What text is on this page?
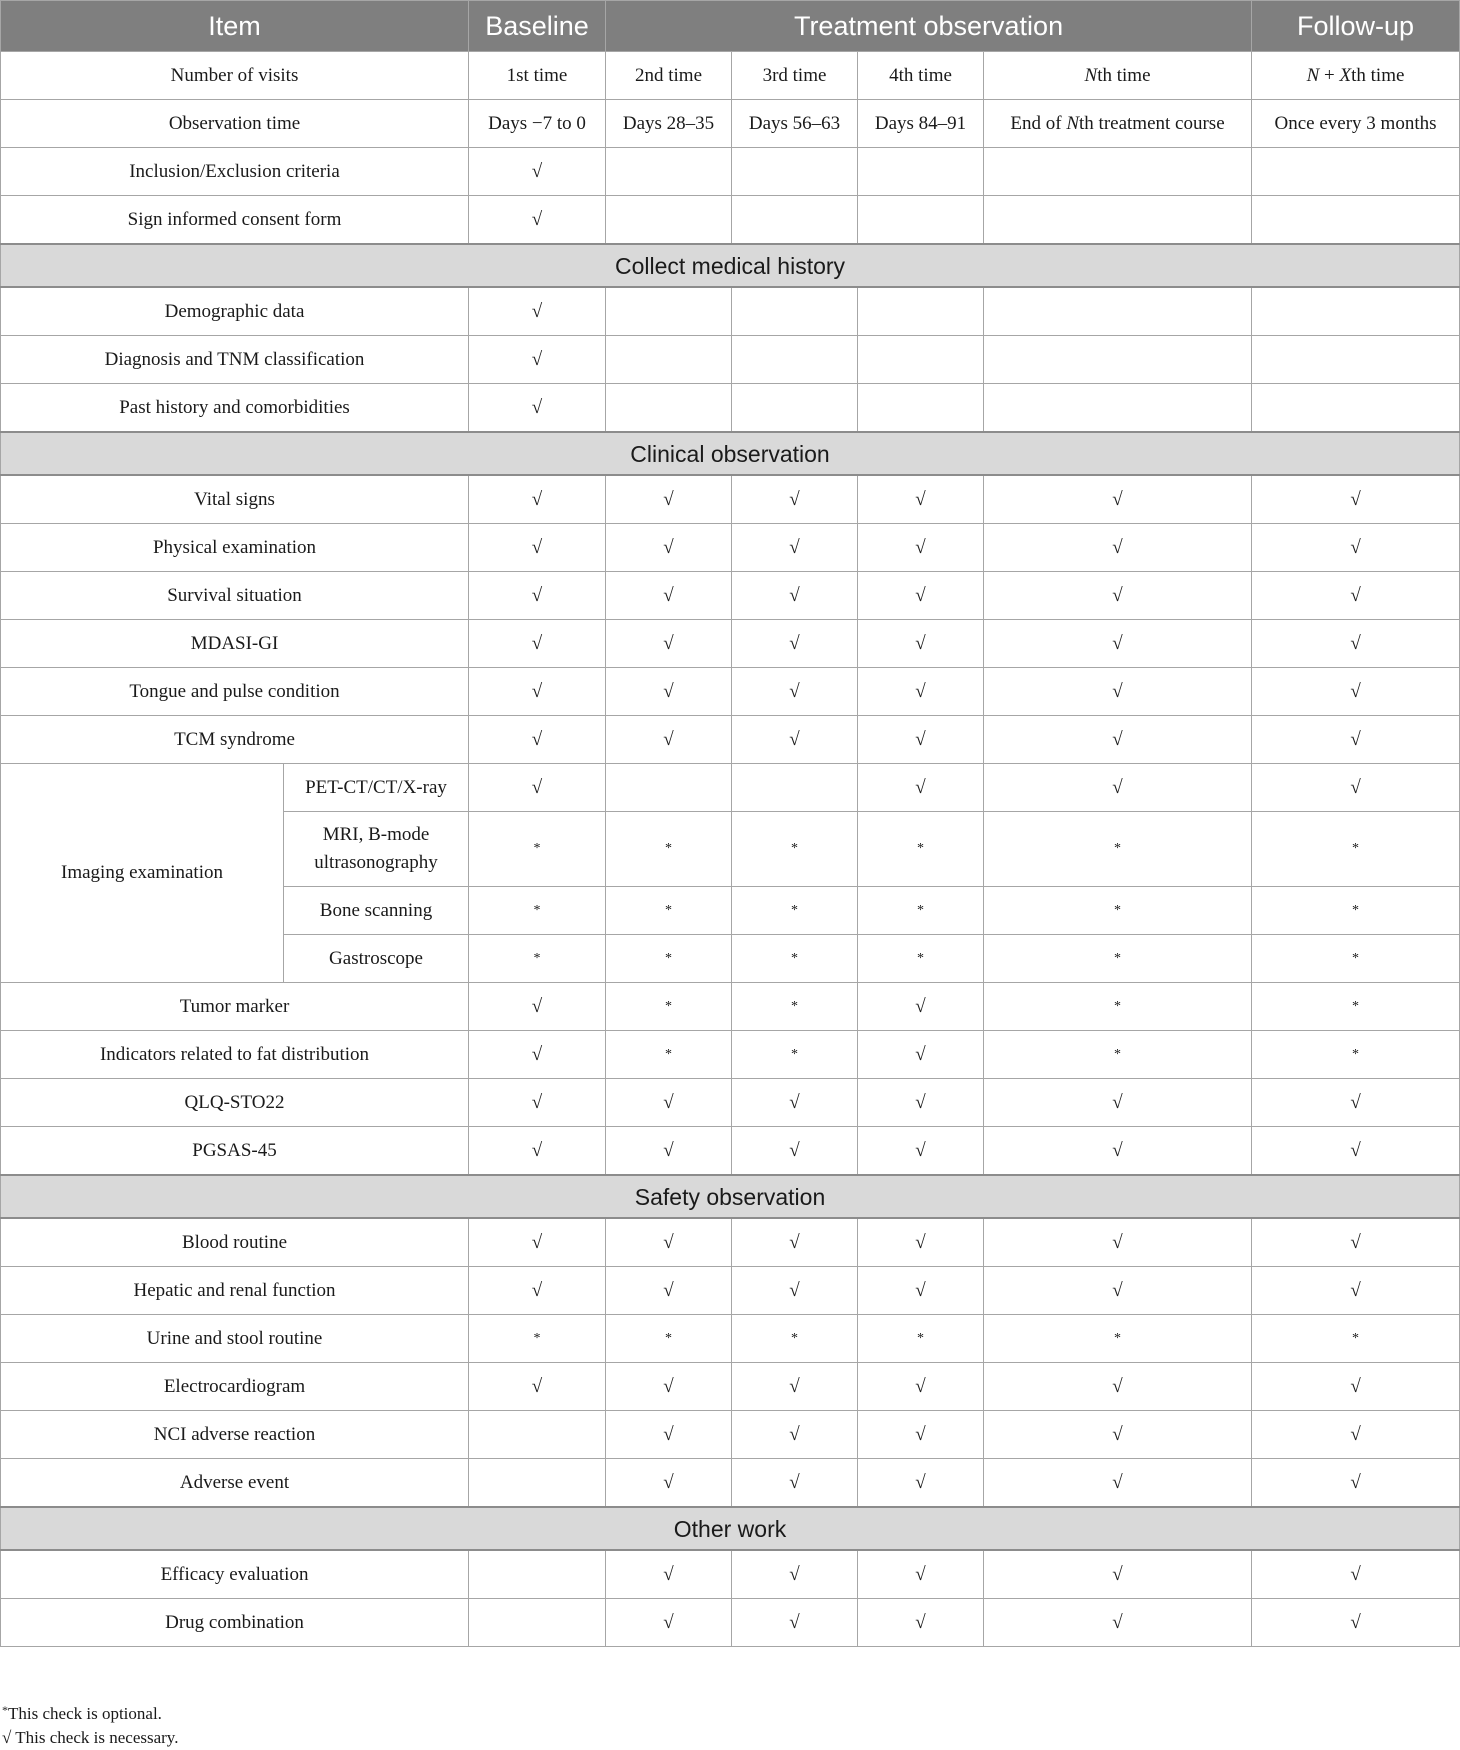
Item		Baseline	Treatment observation				Follow-up
Number of visits		1st time	2nd time	3rd time	4th time	Nth time	N + Xth time
Observation time		Days −7 to 0	Days 28–35	Days 56–63	Days 84–91	End of Nth treatment course	Once every 3 months
Inclusion/Exclusion criteria		√					
Sign informed consent form		√					
Collect medical history							
Demographic data		√					
Diagnosis and TNM classification		√					
Past history and comorbidities		√					
Clinical observation							
Vital signs		√	√	√	√	√	√
Physical examination		√	√	√	√	√	√
Survival situation		√	√	√	√	√	√
MDASI-GI		√	√	√	√	√	√
Tongue and pulse condition		√	√	√	√	√	√
TCM syndrome		√	√	√	√	√	√
Imaging examination	PET-CT/CT/X-ray	√			√	√	√
	MRI, B-mode ultrasonography	*	*	*	*	*	*
	Bone scanning	*	*	*	*	*	*
	Gastroscope	*	*	*	*	*	*
Tumor marker		√	*	*	√	*	*
Indicators related to fat distribution		√	*	*	√	*	*
QLQ-STO22		√	√	√	√	√	√
PGSAS-45		√	√	√	√	√	√
Safety observation							
Blood routine		√	√	√	√	√	√
Hepatic and renal function		√	√	√	√	√	√
Urine and stool routine		*	*	*	*	*	*
Electrocardiogram		√	√	√	√	√	√
NCI adverse reaction			√	√	√	√	√
Adverse event			√	√	√	√	√
Other work							
Efficacy evaluation			√	√	√	√	√
Drug combination			√	√	√	√	√
*This check is optional.
√ This check is necessary.
